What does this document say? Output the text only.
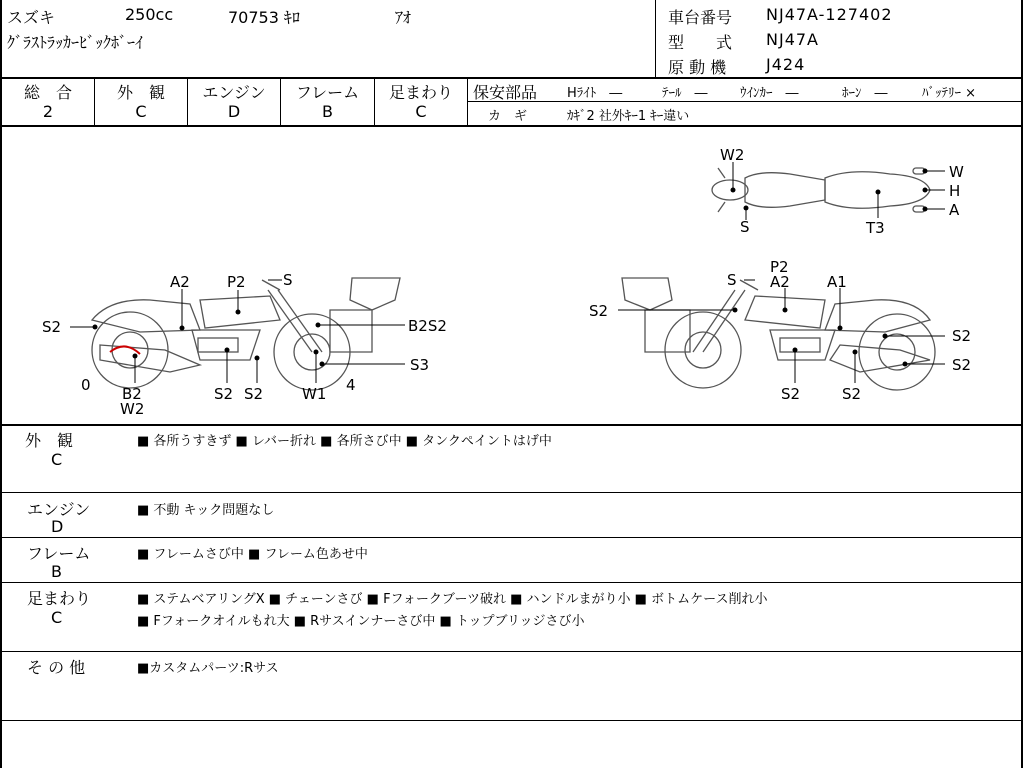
スズキ	250cc	70753 ｷﾛ	ｱｵ
ｸﾞﾗｽﾄﾗｯｶｰﾋﾞｯｸﾎﾞｰｲ
車台番号 NJ47A-127402
型　　式 NJ47A
原 動 機 J424
総　合
2
外　観
C
エンジン
D
フレーム
B
足まわり
C
保安部品 Hﾗｲﾄ　―	ﾃｰﾙ　― ｳｲﾝｶｰ　―	ﾎｰﾝ　―	ﾊﾞｯﾃﾘｰ ×
カ　ギ	ｶｷﾞ2 社外ｷｰ1 ｷｰ違い
W2
S	T3
W
H
A
A2 P2 S
S2	B2S2
S3
S2 S2	W1 4
0 B2
W2
S
P2
A2 A1
S2
S2
S2
S2	S2
外　観
C
■ 各所うすきず ■ レバー折れ ■ 各所さび中 ■ タンクペイントはげ中
エンジン
D
■ 不動 キック問題なし
フレーム
B
■ フレームさび中 ■ フレーム色あせ中
足まわり
C
■ ステムベアリングX ■ チェーンさび ■ Fフォークブーツ破れ ■ ハンドルまがり小 ■ ボトムケース削れ小
■ Fフォークオイルもれ大 ■ Rサスインナーさび中 ■ トップブリッジさび小
そ の 他	■カスタムパーツ:Rサス
